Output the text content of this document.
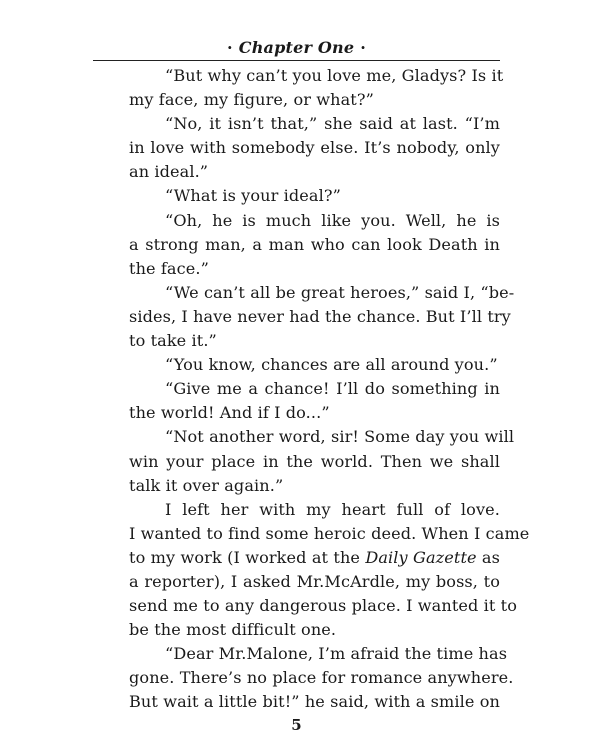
· Chapter One ·

“But why can’t you love me, Gladys? Is it
my face, my figure, or what?”

“No, it isn’t that,” she said at last. “I’m
in love with somebody else. It’s nobody, only
an ideal.”

“What is your ideal?”

“Oh, he is much like you. Well, he is
a strong man, a man who can look Death in
the face.”

“We can’t all be great heroes,” said I, “be-
sides, I have never had the chance. But I’ll try
to take it.”

“You know, chances are all around you.”

“Give me a chance! I’ll do something in
the world! And if I do...”

“Not another word, sir! Some day you will
win your place in the world. Then we shall
talk it over again.”

I left her with my heart full of love.
I wanted to find some heroic deed. When I came
to my work (I worked at the Daily Gazette as
a reporter), I asked Mr.McArdle, my boss, to
send me to any dangerous place. I wanted it to
be the most difficult one.

“Dear Mr.Malone, I’m afraid the time has
gone. There’s no place for romance anywhere.
But wait a little bit!” he said, with a smile on

5
